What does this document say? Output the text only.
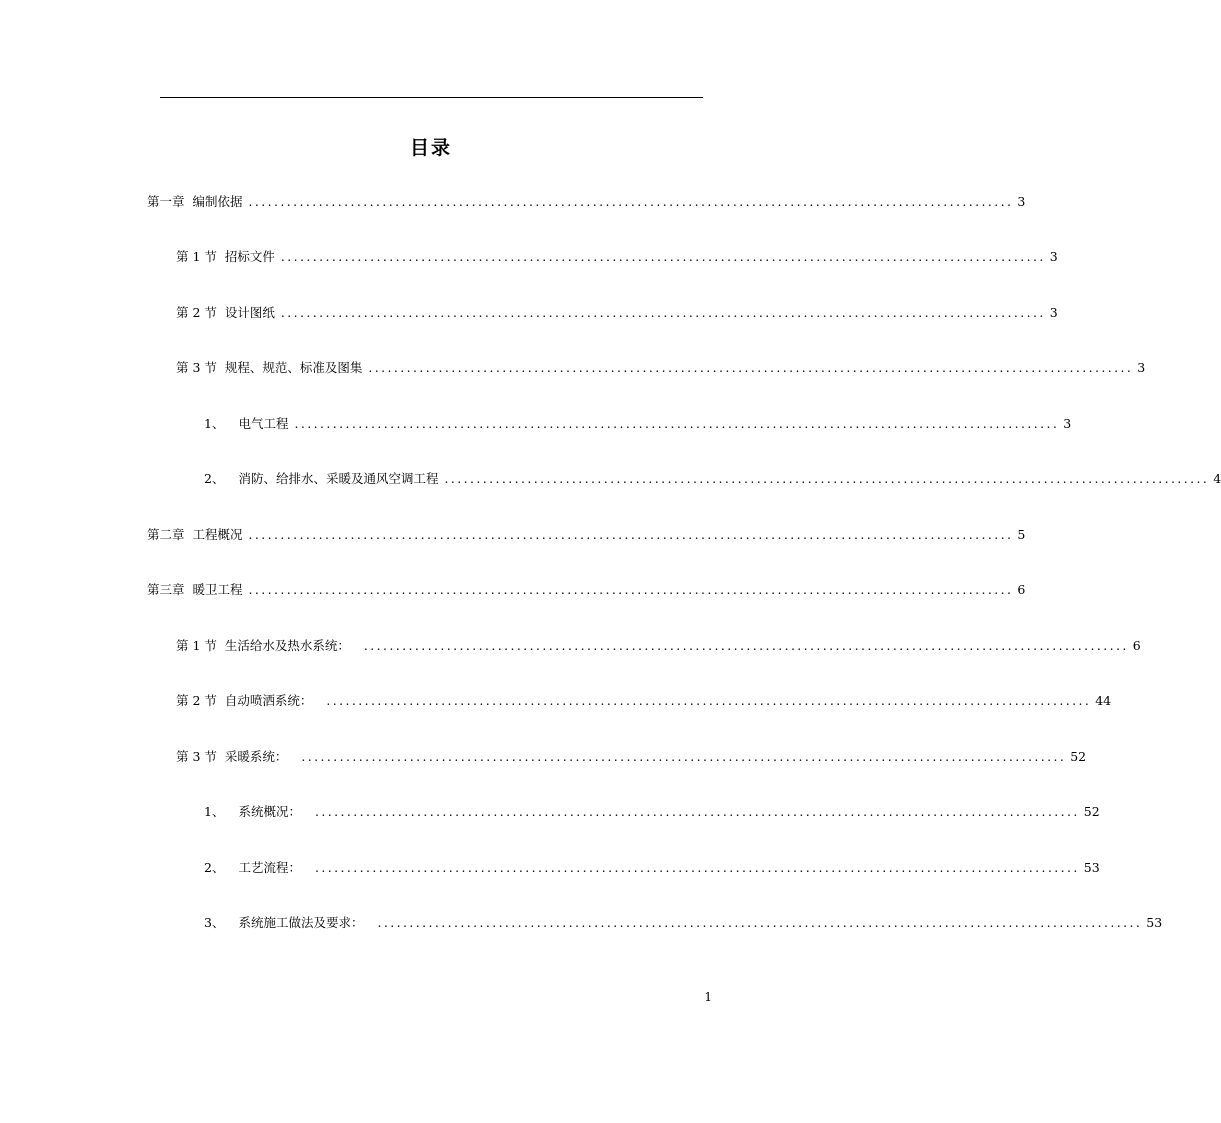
目录
第一章 编制依据 ........................................................................................................................ 3
第 1 节 招标文件 ........................................................................................................................ 3
第 2 节 设计图纸 ........................................................................................................................ 3
第 3 节 规程、规范、标准及图集 ........................................................................................................................ 3
1、 电气工程 ........................................................................................................................ 3
2、 消防、给排水、采暖及通风空调工程 ........................................................................................................................ 4
第二章 工程概况 ........................................................................................................................ 5
第三章 暖卫工程 ........................................................................................................................ 6
第 1 节 生活给水及热水系统： ........................................................................................................................ 6
第 2 节 自动喷洒系统： ........................................................................................................................ 44
第 3 节 采暖系统： ........................................................................................................................ 52
1、 系统概况： ........................................................................................................................ 52
2、 工艺流程： ........................................................................................................................ 53
3、 系统施工做法及要求： ........................................................................................................................ 53
1
